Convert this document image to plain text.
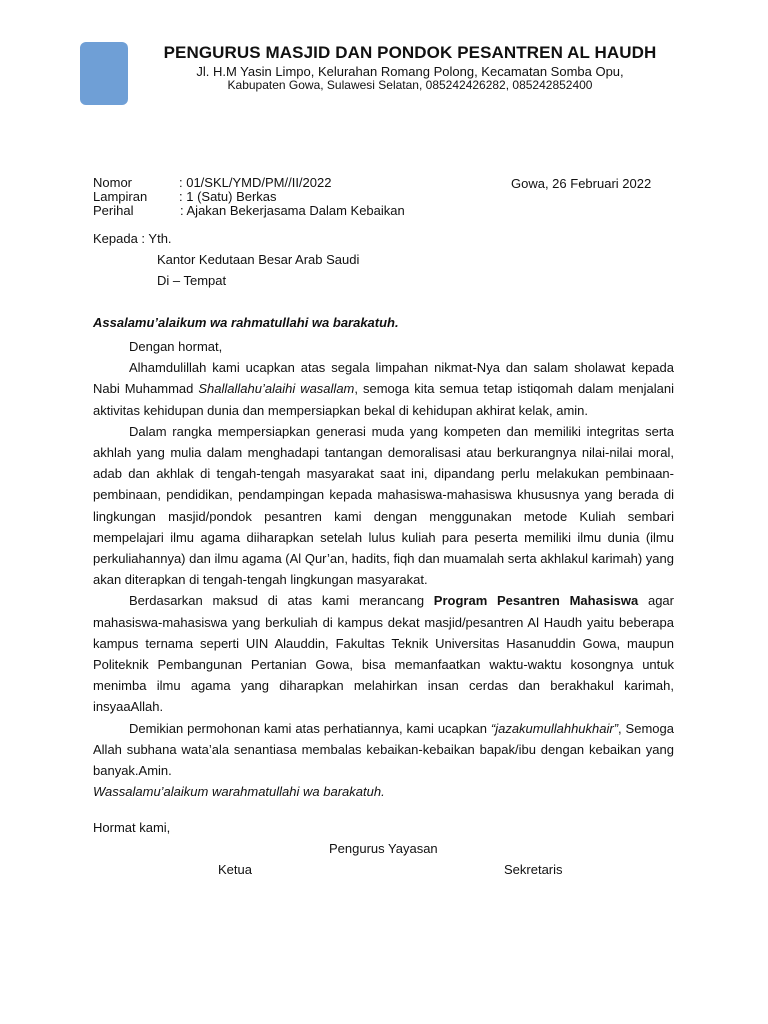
PENGURUS MASJID DAN PONDOK PESANTREN AL HAUDH
Jl. H.M Yasin Limpo, Kelurahan Romang Polong, Kecamatan Somba Opu,
Kabupaten Gowa, Sulawesi Selatan, 085242426282, 085242852400
Nomor	: 01/SKL/YMD/PM//II/2022
Lampiran : 1 (Satu) Berkas
Perihal	: Ajakan Bekerjasama Dalam Kebaikan
Gowa, 26 Februari 2022
Kepada : Yth.
Kantor Kedutaan Besar Arab Saudi
Di – Tempat
Assalamu’alaikum wa rahmatullahi wa barakatuh.

Dengan hormat,

Alhamdulillah kami ucapkan atas segala limpahan nikmat-Nya dan salam sholawat kepada Nabi Muhammad Shallallahu’alaihi wasallam, semoga kita semua tetap istiqomah dalam menjalani aktivitas kehidupan dunia dan mempersiapkan bekal di kehidupan akhirat kelak, amin.

Dalam rangka mempersiapkan generasi muda yang kompeten dan memiliki integritas serta akhlah yang mulia dalam menghadapi tantangan demoralisasi atau berkurangnya nilai-nilai moral, adab dan akhlak di tengah-tengah masyarakat saat ini, dipandang perlu melakukan pembinaan-pembinaan, pendidikan, pendampingan kepada mahasiswa-mahasiswa khususnya yang berada di lingkungan masjid/pondok pesantren kami dengan menggunakan metode Kuliah sembari mempelajari ilmu agama diiharapkan setelah lulus kuliah para peserta memiliki ilmu dunia (ilmu perkuliahannya) dan ilmu agama (Al Qur’an, hadits, fiqh dan muamalah serta akhlakul karimah) yang akan diterapkan di tengah-tengah lingkungan masyarakat.

Berdasarkan maksud di atas kami merancang Program Pesantren Mahasiswa agar mahasiswa-mahasiswa yang berkuliah di kampus dekat masjid/pesantren Al Haudh yaitu beberapa kampus ternama seperti UIN Alauddin, Fakultas Teknik Universitas Hasanuddin Gowa, maupun Politeknik Pembangunan Pertanian Gowa, bisa memanfaatkan waktu-waktu kosongnya untuk menimba ilmu agama yang diharapkan melahirkan insan cerdas dan berakhakul karimah, insyaaAllah.

Demikian permohonan kami atas perhatiannya, kami ucapkan “jazakumullahhukhair”, Semoga Allah subhana wata’ala senantiasa membalas kebaikan-kebaikan bapak/ibu dengan kebaikan yang banyak.Amin.

Wassalamu’alaikum warahmatullahi wa barakatuh.

Hormat kami,
Pengurus Yayasan
Ketua	Sekretaris
